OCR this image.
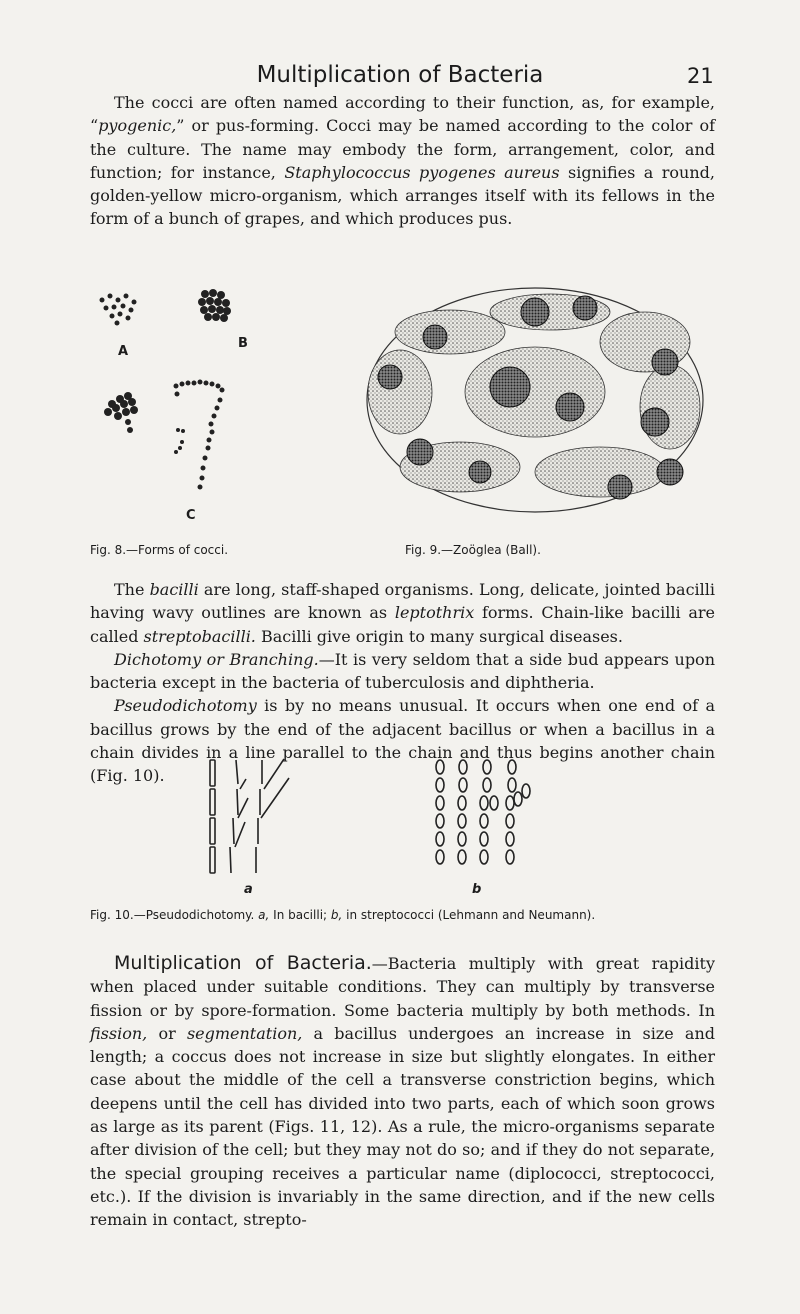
Multiplication of Bacteria	21

The cocci are often named according to their function, as, for example, “pyogenic,” or pus-forming. Cocci may be named according to the color of the culture. The name may embody the form, arrangement, color, and function; for instance, Staphylococcus pyogenes aureus signifies a round, golden-yellow micro-organism, which arranges itself with its fellows in the form of a bunch of grapes, and which produces pus.

A
B
C
Fig. 8.—Forms of cocci.	Fig. 9.—Zoöglea (Ball).

The bacilli are long, staff-shaped organisms. Long, delicate, jointed bacilli having wavy outlines are known as leptothrix forms. Chain-like bacilli are called streptobacilli. Bacilli give origin to many surgical diseases.

Dichotomy or Branching.—It is very seldom that a side bud appears upon bacteria except in the bacteria of tuberculosis and diphtheria.

Pseudodichotomy is by no means unusual. It occurs when one end of a bacillus grows by the end of the adjacent bacillus or when a bacillus in a chain divides in a line parallel to the chain and thus begins another chain (Fig. 10).

a	b
Fig. 10.—Pseudodichotomy. a, In bacilli; b, in streptococci (Lehmann and Neumann).

Multiplication of Bacteria.—Bacteria multiply with great rapidity when placed under suitable conditions. They can multiply by transverse fission or by spore-formation. Some bacteria multiply by both methods. In fission, or segmentation, a bacillus undergoes an increase in size and length; a coccus does not increase in size but slightly elongates. In either case about the middle of the cell a transverse constriction begins, which deepens until the cell has divided into two parts, each of which soon grows as large as its parent (Figs. 11, 12). As a rule, the micro-organisms separate after division of the cell; but they may not do so; and if they do not separate, the special grouping receives a particular name (diplococci, streptococci, etc.). If the division is invariably in the same direction, and if the new cells remain in contact, strepto-
